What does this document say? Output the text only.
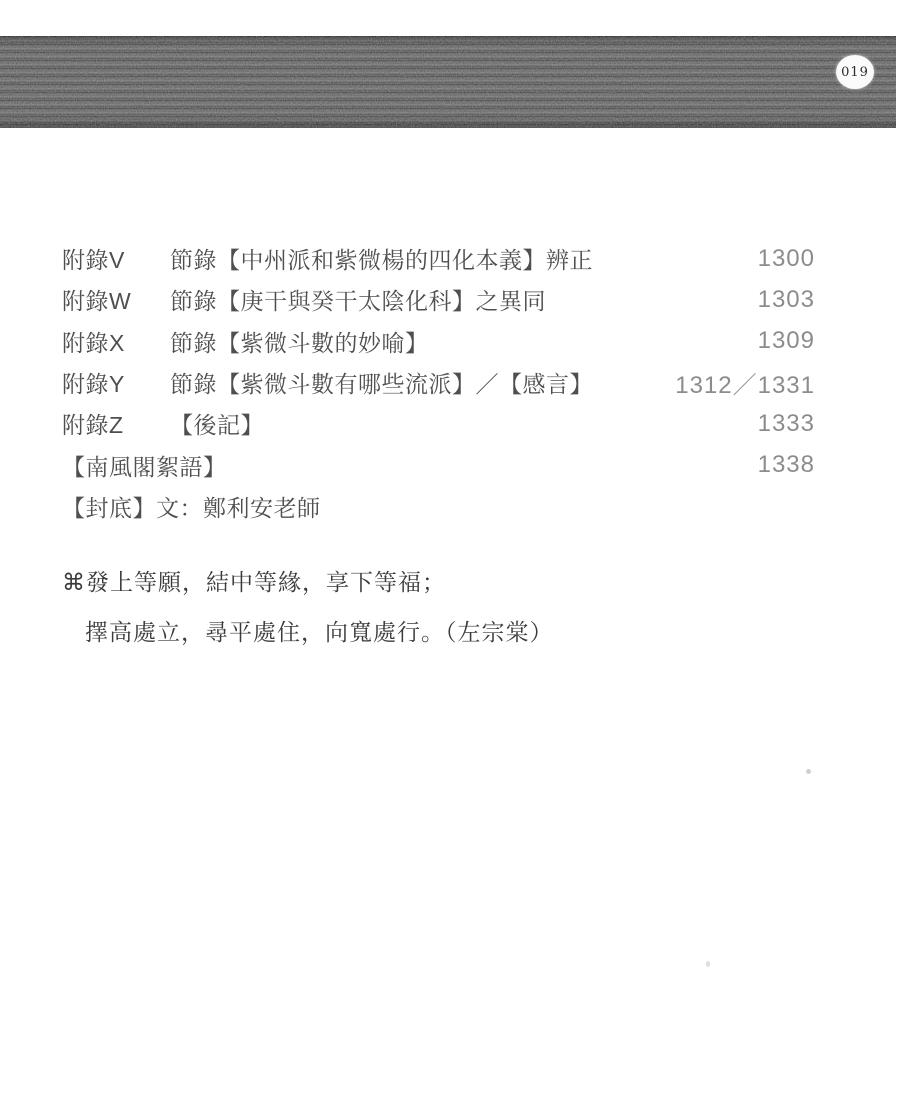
019
附錄V	節錄【中州派和紫微楊的四化本義】辨正	1300
附錄W	節錄【庚干與癸干太陰化科】之異同	1303
附錄X	節錄【紫微斗數的妙喻】	1309
附錄Y	節錄【紫微斗數有哪些流派】／【感言】	1312／1331
附錄Z	【後記】	1333
【南風閣絮語】	1338
【封底】文：鄭利安老師
⌘發上等願，結中等緣，享下等福；
擇高處立，尋平處住，向寬處行。（左宗棠）
